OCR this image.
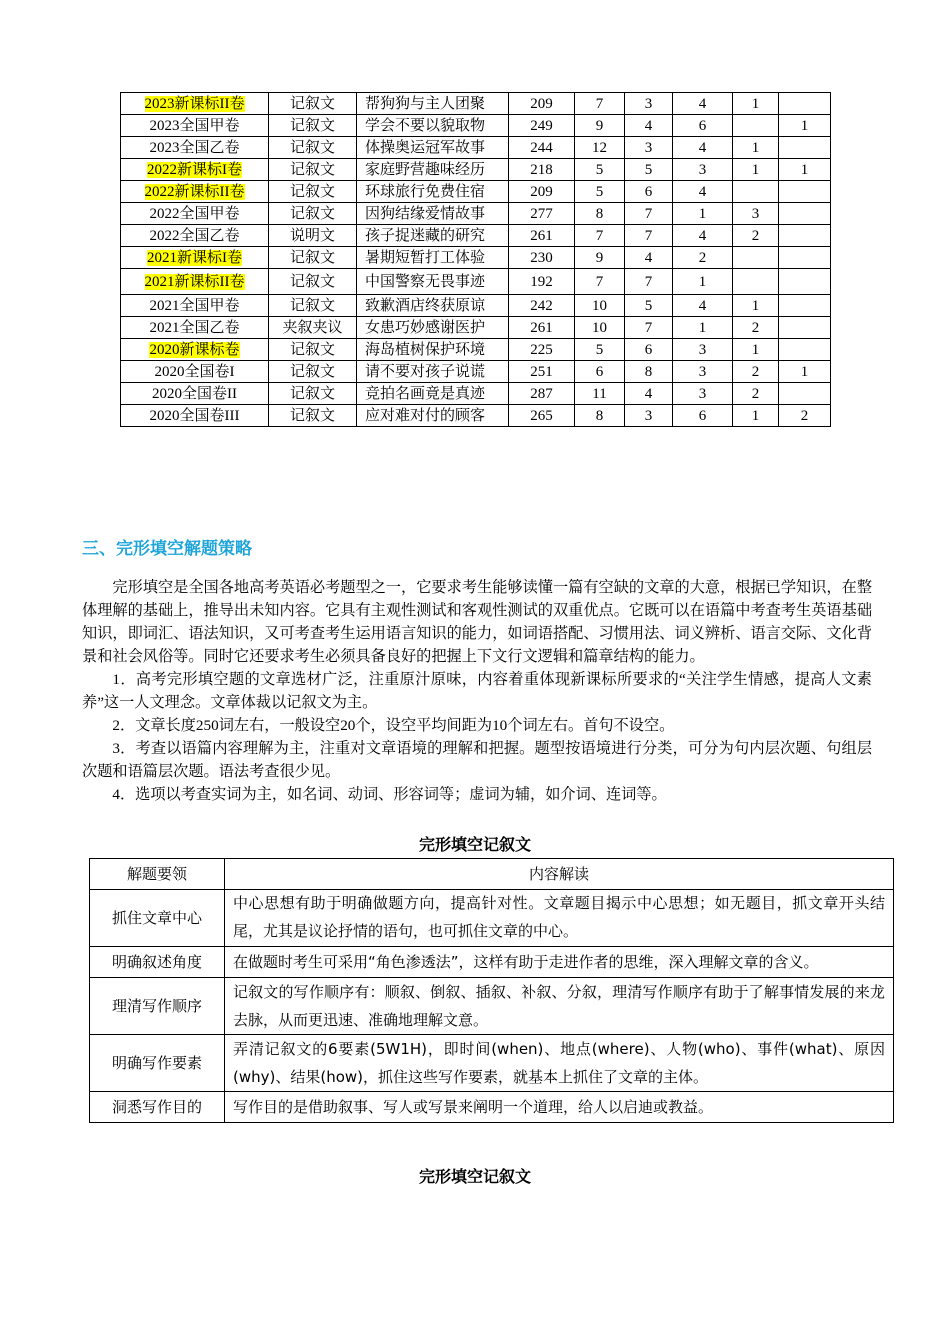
2023新课标II卷	记叙文	帮狗狗与主人团聚	209	7	3	4	1	
2023全国甲卷	记叙文	学会不要以貌取物	249	9	4	6		1
2023全国乙卷	记叙文	体操奥运冠军故事	244	12	3	4	1	
2022新课标I卷	记叙文	家庭野营趣味经历	218	5	5	3	1	1
2022新课标II卷	记叙文	环球旅行免费住宿	209	5	6	4		
2022全国甲卷	记叙文	因狗结缘爱情故事	277	8	7	1	3	
2022全国乙卷	说明文	孩子捉迷藏的研究	261	7	7	4	2	
2021新课标I卷	记叙文	暑期短暂打工体验	230	9	4	2		
2021新课标II卷	记叙文	中国警察无畏事迹	192	7	7	1		
2021全国甲卷	记叙文	致歉酒店终获原谅	242	10	5	4	1	
2021全国乙卷	夹叙夹议	女患巧妙感谢医护	261	10	7	1	2	
2020新课标卷	记叙文	海岛植树保护环境	225	5	6	3	1	
2020全国卷I	记叙文	请不要对孩子说谎	251	6	8	3	2	1
2020全国卷II	记叙文	竞拍名画竟是真迹	287	11	4	3	2	
2020全国卷III	记叙文	应对难对付的顾客	265	8	3	6	1	2
三、完形填空解题策略

完形填空是全国各地高考英语必考题型之一，它要求考生能够读懂一篇有空缺的文章的大意，根据已学知识，在整体理解的基础上，推导出未知内容。它具有主观性测试和客观性测试的双重优点。它既可以在语篇中考查考生英语基础知识，即词汇、语法知识，又可考查考生运用语言知识的能力，如词语搭配、习惯用法、词义辨析、语言交际、文化背景和社会风俗等。同时它还要求考生必须具备良好的把握上下文行文逻辑和篇章结构的能力。

1．高考完形填空题的文章选材广泛，注重原汁原味，内容着重体现新课标所要求的“关注学生情感，提高人文素养”这一人文理念。文章体裁以记叙文为主。

2．文章长度250词左右，一般设空20个，设空平均间距为10个词左右。首句不设空。

3．考查以语篇内容理解为主，注重对文章语境的理解和把握。题型按语境进行分类，可分为句内层次题、句组层次题和语篇层次题。语法考查很少见。

4．选项以考查实词为主，如名词、动词、形容词等；虚词为辅，如介词、连词等。

完形填空记叙文
解题要领	内容解读
抓住文章中心	中心思想有助于明确做题方向，提高针对性。文章题目揭示中心思想；如无题目，抓文章开头结尾，尤其是议论抒情的语句，也可抓住文章的中心。
明确叙述角度	在做题时考生可采用“角色渗透法”，这样有助于走进作者的思维，深入理解文章的含义。
理清写作顺序	记叙文的写作顺序有：顺叙、倒叙、插叙、补叙、分叙，理清写作顺序有助于了解事情发展的来龙去脉，从而更迅速、准确地理解文意。
明确写作要素	弄清记叙文的6要素(5W1H)，即时间(when)、地点(where)、人物(who)、事件(what)、原因(why)、结果(how)，抓住这些写作要素，就基本上抓住了文章的主体。
洞悉写作目的	写作目的是借助叙事、写人或写景来阐明一个道理，给人以启迪或教益。
完形填空记叙文
